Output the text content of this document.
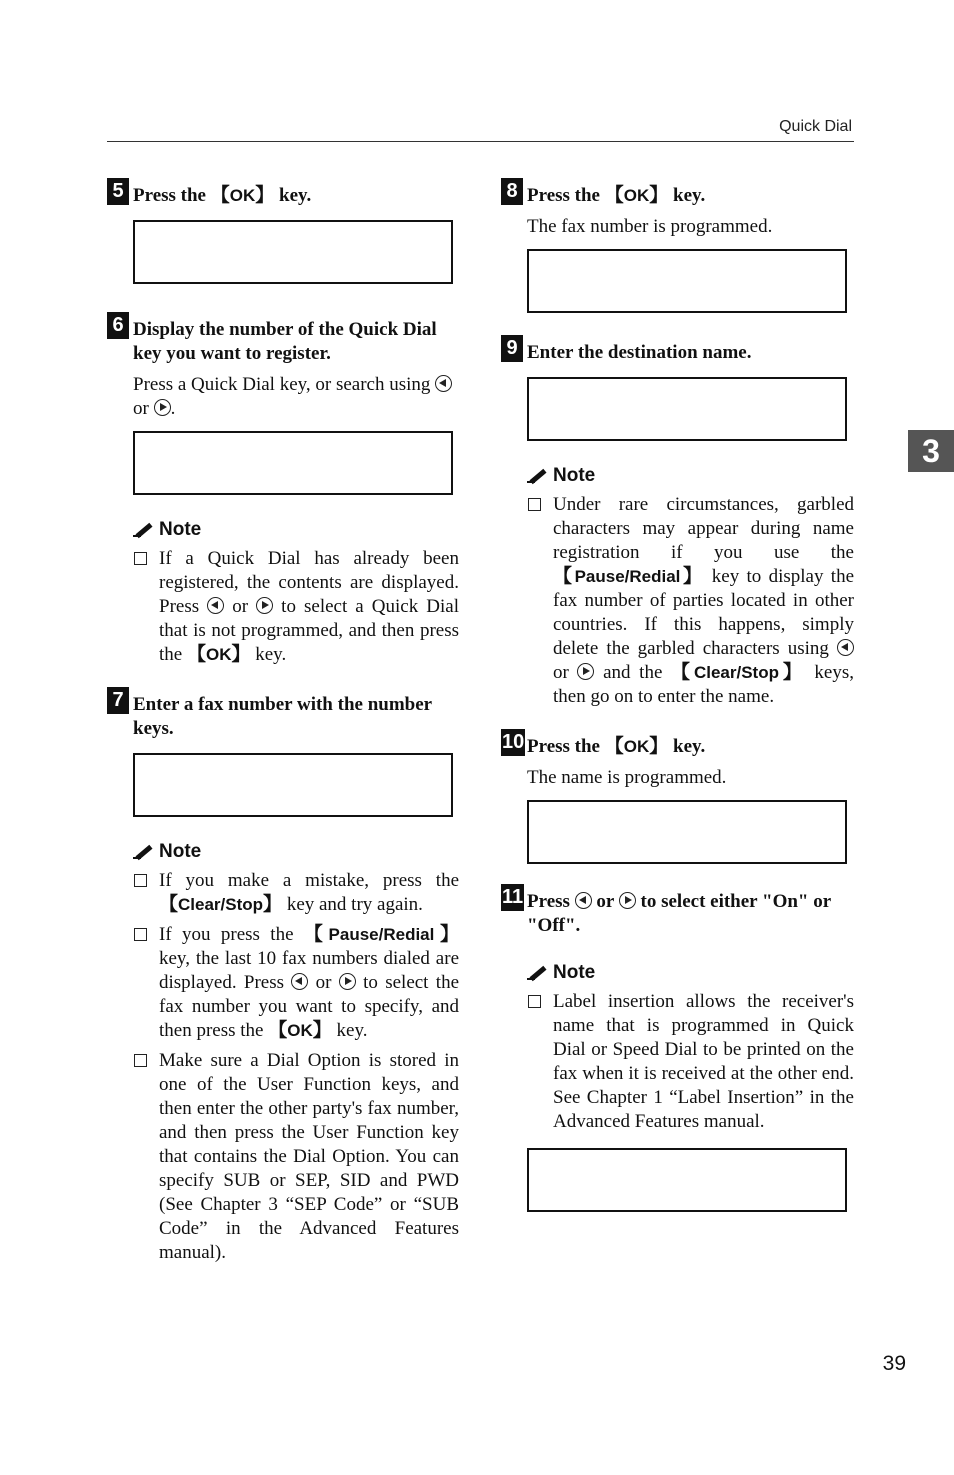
Quick Dial
5 Press the 【OK】 key.

6 Display the number of the Quick Dial key you want to register.
Press a Quick Dial key, or search using  or .

Note
If a Quick Dial has already been registered, the contents are displayed. Press  or  to select a Quick Dial that is not programmed, and then press the 【OK】 key.
7 Enter a fax number with the number keys.

Note
If you make a mistake, press the 【Clear/Stop】 key and try again.
If you press the 【Pause/Redial】 key, the last 10 fax numbers dialed are displayed. Press  or  to select the fax number you want to specify, and then press the 【OK】 key.
Make sure a Dial Option is stored in one of the User Function keys, and then enter the other party's fax number, and then press the User Function key that contains the Dial Option. You can specify SUB or SEP, SID and PWD (See Chapter 3 “SEP Code” or “SUB Code” in the Advanced Features manual).
8 Press the 【OK】 key.
The fax number is programmed.

9 Enter the destination name.

Note
Under rare circumstances, garbled characters may appear during name registration if you use the 【Pause/Redial】 key to display the fax number of parties located in other countries. If this happens, simply delete the garbled characters using  or  and the 【Clear/Stop】 keys, then go on to enter the name.
10 Press the 【OK】 key.
The name is programmed.

11 Press  or  to select either "On" or "Off".
Note
Label insertion allows the receiver's name that is programmed in Quick Dial or Speed Dial to be printed on the fax when it is received at the other end. See Chapter 1 “Label Insertion” in the Advanced Features manual.

3
39
